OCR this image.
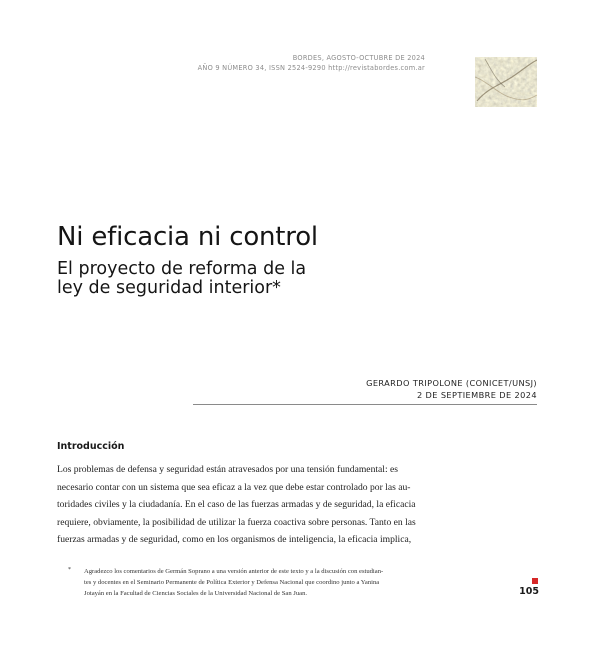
BORDES, AGOSTO-OCTUBRE DE 2024
AÑO 9 NÚMERO 34, ISSN 2524-9290 http://revistabordes.com.ar
Ni eficacia ni control
El proyecto de reforma de la
ley de seguridad interior*
GERARDO TRIPOLONE (CONICET/UNSJ)
2 DE SEPTIEMBRE DE 2024
Introducción
Los problemas de defensa y seguridad están atravesados por una tensión fundamental: es
necesario contar con un sistema que sea eficaz a la vez que debe estar controlado por las au-
toridades civiles y la ciudadanía. En el caso de las fuerzas armadas y de seguridad, la eficacia
requiere, obviamente, la posibilidad de utilizar la fuerza coactiva sobre personas. Tanto en las
fuerzas armadas y de seguridad, como en los organismos de inteligencia, la eficacia implica,
* Agradezco los comentarios de Germán Soprano a una versión anterior de este texto y a la discusión con estudian-
tes y docentes en el Seminario Permanente de Política Exterior y Defensa Nacional que coordino junto a Yanina
Jotayán en la Facultad de Ciencias Sociales de la Universidad Nacional de San Juan.	105
